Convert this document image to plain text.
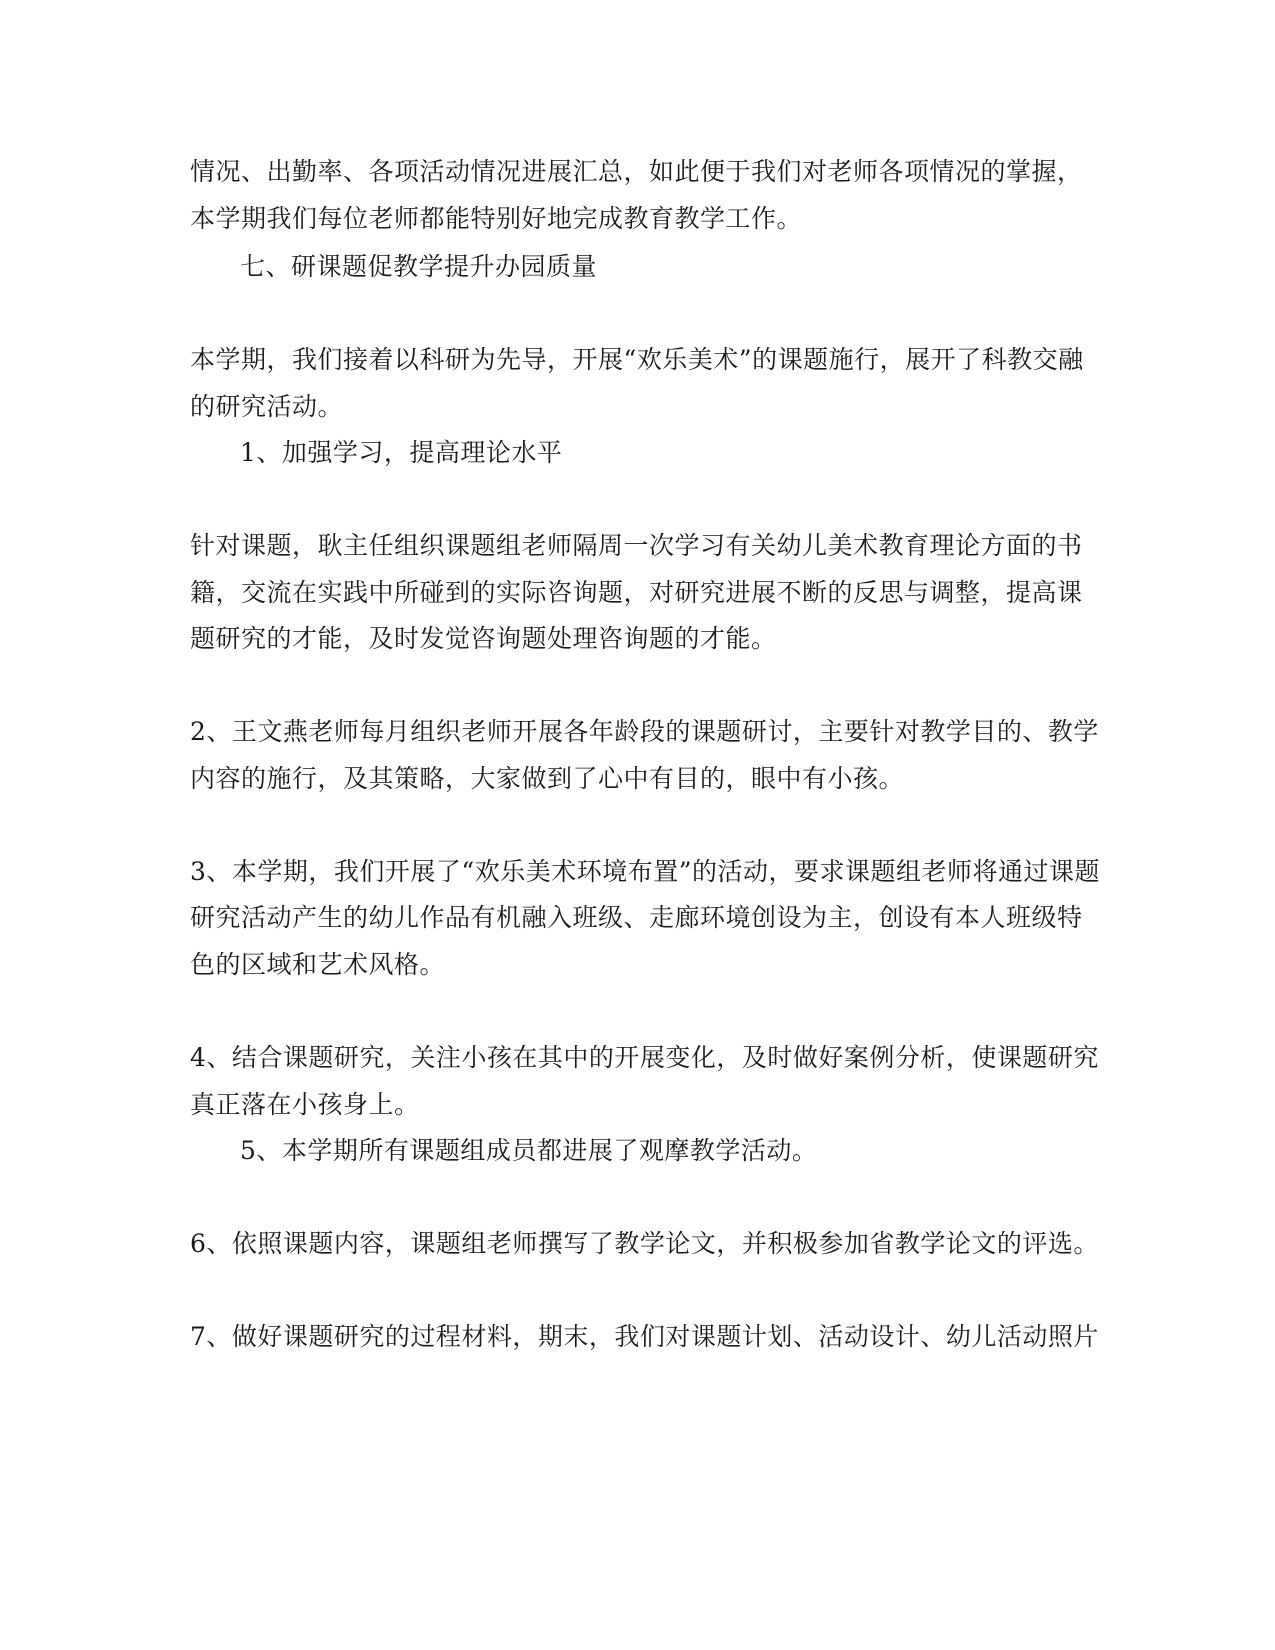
情况、出勤率、各项活动情况进展汇总，如此便于我们对老师各项情况的掌握，
本学期我们每位老师都能特别好地完成教育教学工作。
七、研课题促教学提升办园质量
本学期，我们接着以科研为先导，开展“欢乐美术”的课题施行，展开了科教交融
的研究活动。
1、加强学习，提高理论水平
针对课题，耿主任组织课题组老师隔周一次学习有关幼儿美术教育理论方面的书
籍，交流在实践中所碰到的实际咨询题，对研究进展不断的反思与调整，提高课
题研究的才能，及时发觉咨询题处理咨询题的才能。
2、王文燕老师每月组织老师开展各年龄段的课题研讨，主要针对教学目的、教学
内容的施行，及其策略，大家做到了心中有目的，眼中有小孩。
3、本学期，我们开展了“欢乐美术环境布置”的活动，要求课题组老师将通过课题
研究活动产生的幼儿作品有机融入班级、走廊环境创设为主，创设有本人班级特
色的区域和艺术风格。
4、结合课题研究，关注小孩在其中的开展变化，及时做好案例分析，使课题研究
真正落在小孩身上。
5、本学期所有课题组成员都进展了观摩教学活动。
6、依照课题内容，课题组老师撰写了教学论文，并积极参加省教学论文的评选。
7、做好课题研究的过程材料，期末，我们对课题计划、活动设计、幼儿活动照片
